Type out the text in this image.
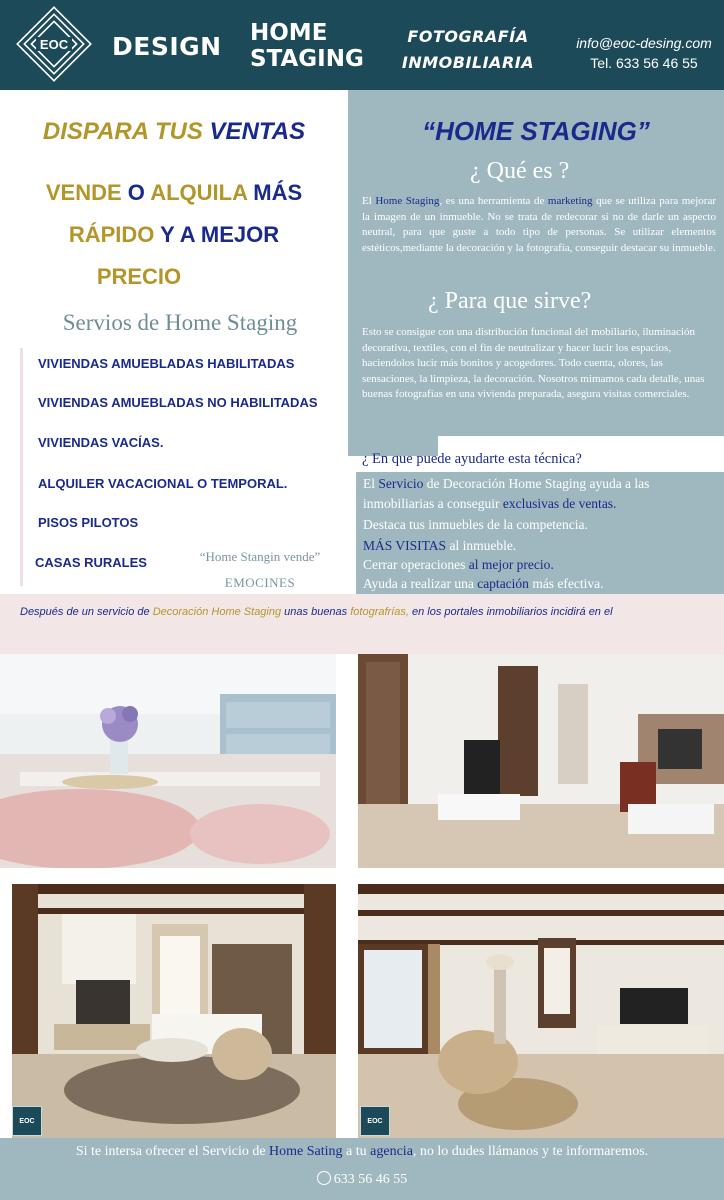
EOC DESIGN HOME
STAGING
FOTOGRAFÍA
INMOBILIARIA
info@eoc-desing.com
Tel. 633 56 46 55
DISPARA TUS VENTAS
VENDE O ALQUILA MÁS
RÁPIDO Y A MEJOR
PRECIO
Servios de Home Staging
VIVIENDAS AMUEBLADAS HABILITADAS
VIVIENDAS AMUEBLADAS NO HABILITADAS
VIVIENDAS VACÍAS.
ALQUILER VACACIONAL O TEMPORAL.
PISOS PILOTOS
CASAS RURALES	“Home Stangin vende”
EMOCINES
“HOME STAGING”
¿ Qué es ?
El Home Staging, es una herramienta de marketing que se utiliza para mejorar la imagen de un inmueble. No se trata de redecorar si no de darle un aspecto neutral, para que guste a todo tipo de personas. Se utilizar elementos estéticos,mediante la decoración y la fotografía, conseguir destacar su inmueble.
¿ Para que sirve?
Esto se consigue con una distribución funcional del mobiliario, iluminación decorativa, textiles, con el fin de neutralizar y hacer lucir los espacios, haciendolos lucir más bonitos y acogedores. Todo cuenta, olores, las sensaciones, la limpieza, la decoración. Nosotros mimamos cada detalle, unas buenas fotografías en una vivienda preparada, asegura visitas comerciales.
¿ En que puede ayudarte esta técnica?
El Servicio de Decoración Home Staging ayuda a las
inmobiliarias a conseguir exclusivas de ventas.
Destaca tus inmuebles de la competencia.
MÁS VISITAS al inmueble.
Cerrar operaciones al mejor precio.
Ayuda a realizar una captación más efectiva.
Después de un servicio de Decoración Home Staging unas buenas fotografrías, en los portales inmobiliarios incidirá en el
EOC	EOC
Si te intersa ofrecer el Servicio de Home Sating a tu agencia, no lo dudes llámanos y te informaremos.
633 56 46 55
